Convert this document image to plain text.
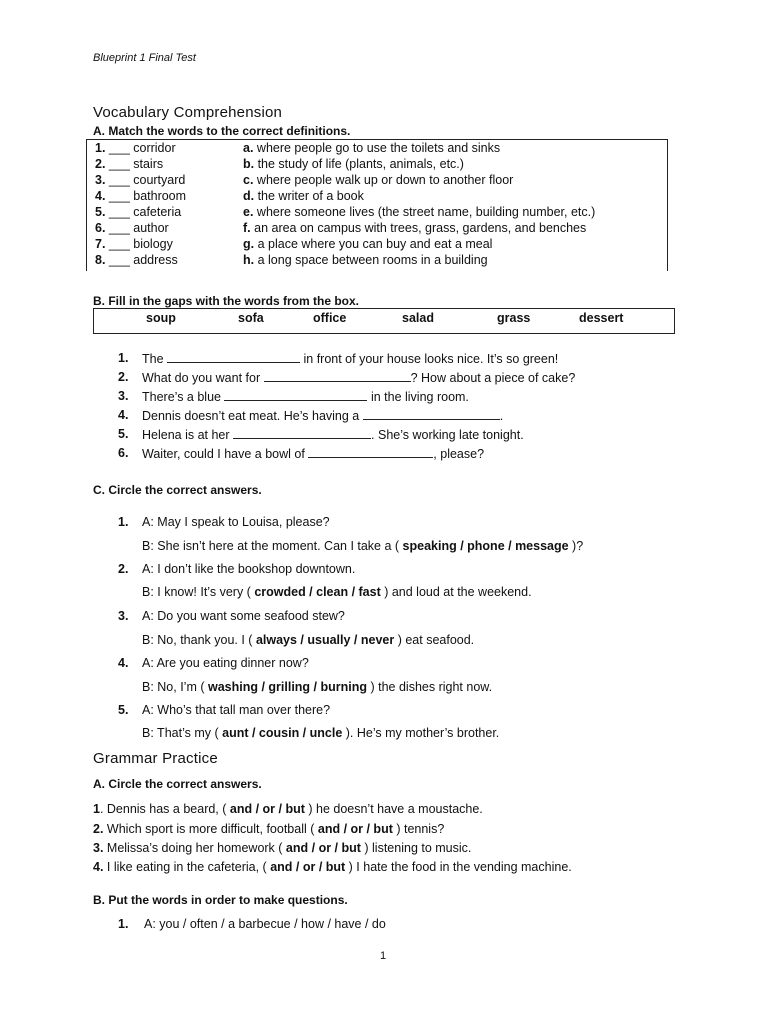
Blueprint 1 Final Test
Vocabulary Comprehension
A. Match the words to the correct definitions.
1. ___ corridor	a. where people go to use the toilets and sinks
2. ___ stairs	b. the study of life (plants, animals, etc.)
3. ___ courtyard	c. where people walk up or down to another floor
4. ___ bathroom	d. the writer of a book
5. ___ cafeteria	e. where someone lives (the street name, building number, etc.)
6. ___ author	f. an area on campus with trees, grass, gardens, and benches
7. ___ biology	g. a place where you can buy and eat a meal
8. ___ address	h. a long space between rooms in a building
B. Fill in the gaps with the words from the box.
soup	sofa	office	salad	grass	dessert
1. The	in front of your house looks nice. It’s so green!
2. What do you want for	? How about a piece of cake?
3. There’s a blue	in the living room.
4. Dennis doesn’t eat meat. He’s having a	.
5. Helena is at her	. She’s working late tonight.
6. Waiter, could I have a bowl of	, please?
C. Circle the correct answers.
1. A: May I speak to Louisa, please?
B: She isn’t here at the moment. Can I take a ( speaking / phone / message )?
2. A: I don’t like the bookshop downtown.
B: I know! It’s very ( crowded / clean / fast ) and loud at the weekend.
3. A: Do you want some seafood stew?
B: No, thank you. I ( always / usually / never ) eat seafood.
4. A: Are you eating dinner now?
B: No, I’m ( washing / grilling / burning ) the dishes right now.
5. A: Who’s that tall man over there?
B: That’s my ( aunt / cousin / uncle ). He’s my mother’s brother.
Grammar Practice
A. Circle the correct answers.
1. Dennis has a beard, ( and / or / but ) he doesn’t have a moustache.
2. Which sport is more difficult, football ( and / or / but ) tennis?
3. Melissa’s doing her homework ( and / or / but ) listening to music.
4. I like eating in the cafeteria, ( and / or / but ) I hate the food in the vending machine.
B. Put the words in order to make questions.
1. A: you / often / a barbecue / how / have / do
1
